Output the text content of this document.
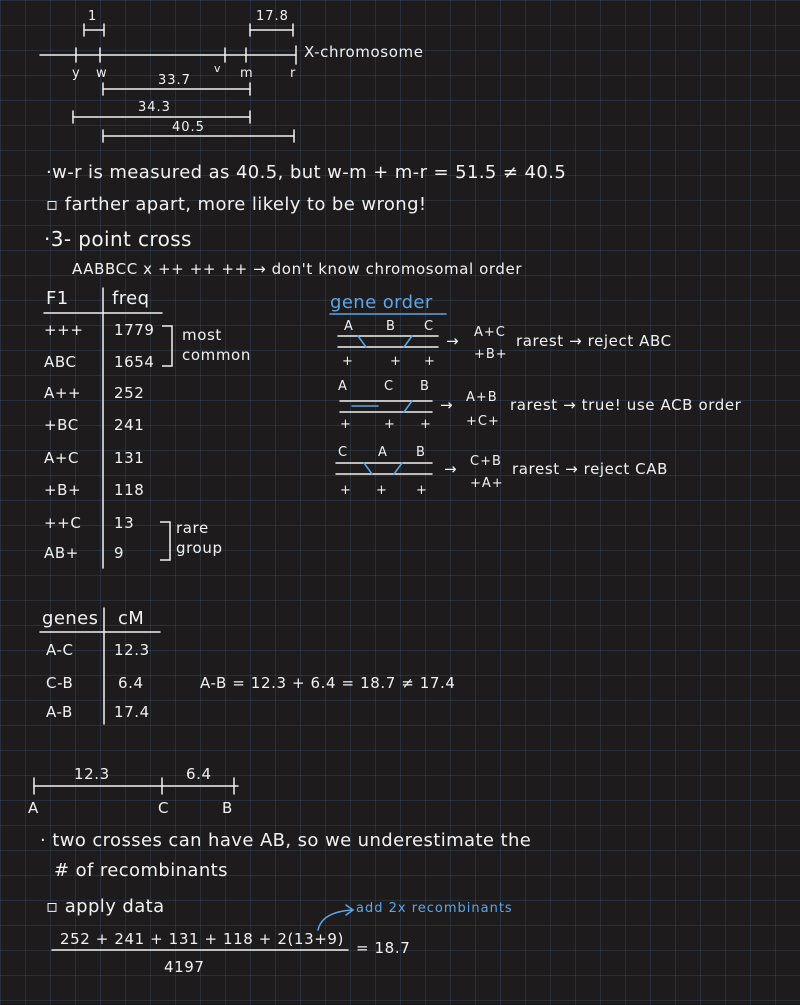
1	17.8
X-chromosome
y w	v m	r
33.7
34.3
40.5
·w-r is measured as 40.5, but w-m + m-r = 51.5 ≠ 40.5
▫ farther apart, more likely to be wrong!
·3- point cross
AABBCC x ++ ++ ++ → don't know chromosomal order
F1 freq
+++ 1779
ABC 1654
A++ 252
+BC 241
A+C 131
+B+ 118
++C 13
AB+ 9
most
common
rare
group
gene order
A B C
+	+ +
→ A+C
+B+
rarest → reject ABC
A	C B
+ + +
→ A+B
+C+
rarest → true! use ACB order
C A B
+ + +
→ C+B
+A+
rarest → reject CAB
genes cM
A-C	12.3
C-B	6.4
A-B	17.4
A-B = 12.3 + 6.4 = 18.7 ≠ 17.4
12.3	6.4
A	C	B
· two crosses can have AB, so we underestimate the
# of recombinants
▫ apply data	add 2x recombinants
252 + 241 + 131 + 118 + 2(13+9)
4197
= 18.7
